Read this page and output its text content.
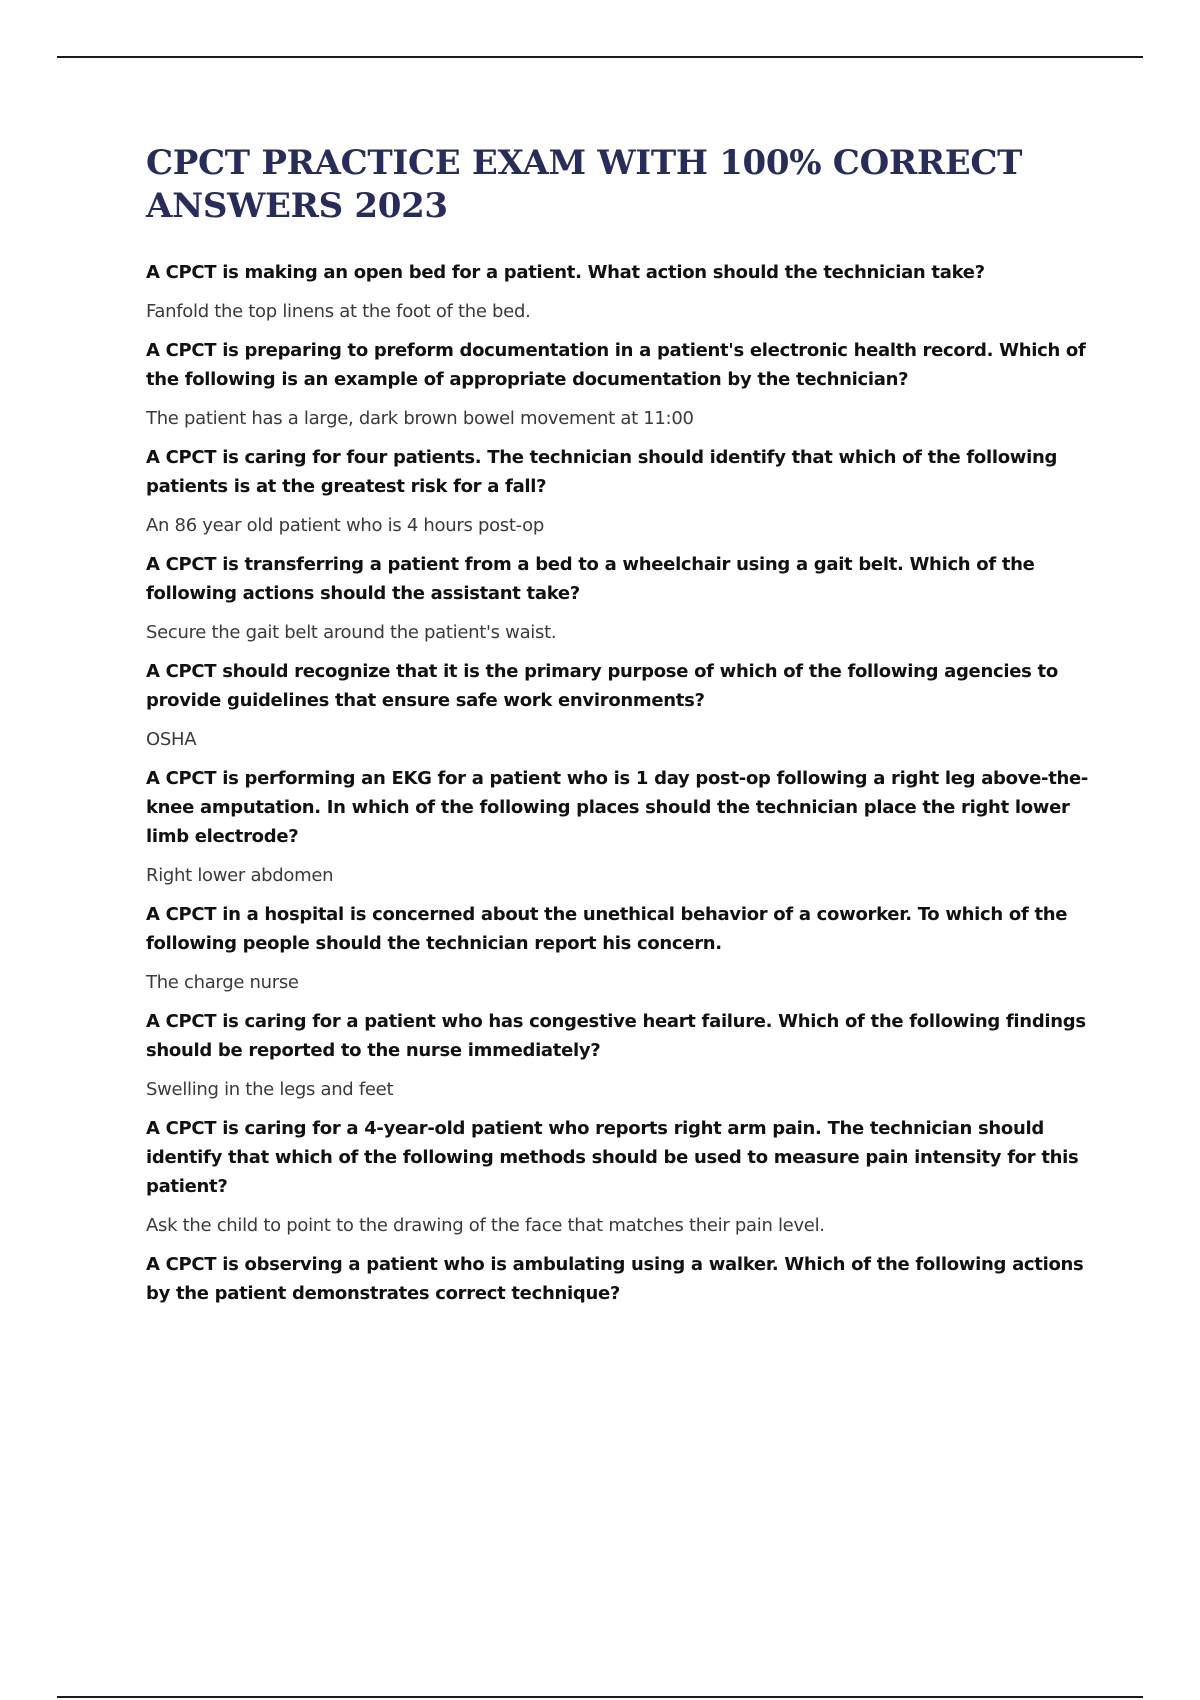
CPCT PRACTICE EXAM WITH 100% CORRECT ANSWERS 2023

A CPCT is making an open bed for a patient. What action should the technician take?

Fanfold the top linens at the foot of the bed.

A CPCT is preparing to preform documentation in a patient's electronic health record. Which of the following is an example of appropriate documentation by the technician?

The patient has a large, dark brown bowel movement at 11:00

A CPCT is caring for four patients. The technician should identify that which of the following patients is at the greatest risk for a fall?

An 86 year old patient who is 4 hours post-op

A CPCT is transferring a patient from a bed to a wheelchair using a gait belt. Which of the following actions should the assistant take?

Secure the gait belt around the patient's waist.

A CPCT should recognize that it is the primary purpose of which of the following agencies to provide guidelines that ensure safe work environments?

OSHA

A CPCT is performing an EKG for a patient who is 1 day post-op following a right leg above-the-knee amputation. In which of the following places should the technician place the right lower limb electrode?

Right lower abdomen

A CPCT in a hospital is concerned about the unethical behavior of a coworker. To which of the following people should the technician report his concern.

The charge nurse

A CPCT is caring for a patient who has congestive heart failure. Which of the following findings should be reported to the nurse immediately?

Swelling in the legs and feet

A CPCT is caring for a 4-year-old patient who reports right arm pain. The technician should identify that which of the following methods should be used to measure pain intensity for this patient?

Ask the child to point to the drawing of the face that matches their pain level.

A CPCT is observing a patient who is ambulating using a walker. Which of the following actions by the patient demonstrates correct technique?
